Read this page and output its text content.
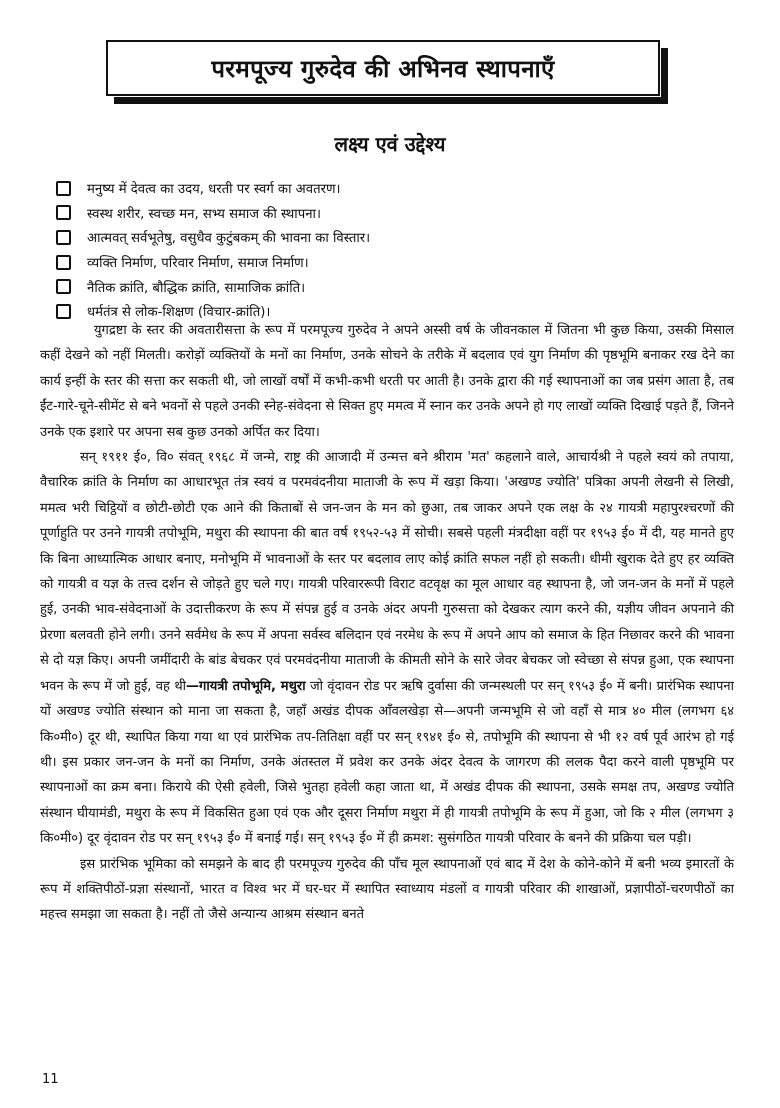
परमपूज्य गुरुदेव की अभिनव स्थापनाएँ
लक्ष्य एवं उद्देश्य
मनुष्य में देवत्व का उदय, धरती पर स्वर्ग का अवतरण।
स्वस्थ शरीर, स्वच्छ मन, सभ्य समाज की स्थापना।
आत्मवत् सर्वभूतेषु, वसुधैव कुटुंबकम् की भावना का विस्तार।
व्यक्ति निर्माण, परिवार निर्माण, समाज निर्माण।
नैतिक क्रांति, बौद्धिक क्रांति, सामाजिक क्रांति।
धर्मतंत्र से लोक-शिक्षण (विचार-क्रांति)।

युगद्रष्टा के स्तर की अवतारीसत्ता के रूप में परमपूज्य गुरुदेव ने अपने अस्सी वर्ष के जीवनकाल में जितना भी कुछ किया, उसकी मिसाल कहीं देखने को नहीं मिलती। करोड़ों व्यक्तियों के मनों का निर्माण, उनके सोचने के तरीके में बदलाव एवं युग निर्माण की पृष्ठभूमि बनाकर रख देने का कार्य इन्हीं के स्तर की सत्ता कर सकती थी, जो लाखों वर्षों में कभी-कभी धरती पर आती है। उनके द्वारा की गई स्थापनाओं का जब प्रसंग आता है, तब ईंट-गारे-चूने-सीमेंट से बने भवनों से पहले उनकी स्नेह-संवेदना से सिक्त हुए ममत्व में स्नान कर उनके अपने हो गए लाखों व्यक्ति दिखाई पड़ते हैं, जिनने उनके एक इशारे पर अपना सब कुछ उनको अर्पित कर दिया।

सन् १९११ ई०, वि० संवत् १९६८ में जन्मे, राष्ट्र की आजादी में उन्मत्त बने श्रीराम 'मत' कहलाने वाले, आचार्यश्री ने पहले स्वयं को तपाया, वैचारिक क्रांति के निर्माण का आधारभूत तंत्र स्वयं व परमवंदनीया माताजी के रूप में खड़ा किया। 'अखण्ड ज्योति' पत्रिका अपनी लेखनी से लिखी, ममत्व भरी चिट्ठियों व छोटी-छोटी एक आने की किताबों से जन-जन के मन को छुआ, तब जाकर अपने एक लक्ष के २४ गायत्री महापुरश्चरणों की पूर्णाहुति पर उनने गायत्री तपोभूमि, मथुरा की स्थापना की बात वर्ष १९५२-५३ में सोची। सबसे पहली मंत्रदीक्षा वहीं पर १९५३ ई० में दी, यह मानते हुए कि बिना आध्यात्मिक आधार बनाए, मनोभूमि में भावनाओं के स्तर पर बदलाव लाए कोई क्रांति सफल नहीं हो सकती। धीमी खुराक देते हुए हर व्यक्ति को गायत्री व यज्ञ के तत्त्व दर्शन से जोड़ते हुए चले गए। गायत्री परिवाररूपी विराट वटवृक्ष का मूल आधार वह स्थापना है, जो जन-जन के मनों में पहले हुई, उनकी भाव-संवेदनाओं के उदात्तीकरण के रूप में संपन्न हुई व उनके अंदर अपनी गुरुसत्ता को देखकर त्याग करने की, यज्ञीय जीवन अपनाने की प्रेरणा बलवती होने लगी। उनने सर्वमेध के रूप में अपना सर्वस्व बलिदान एवं नरमेध के रूप में अपने आप को समाज के हित निछावर करने की भावना से दो यज्ञ किए। अपनी जमींदारी के बांड बेचकर एवं परमवंदनीया माताजी के कीमती सोने के सारे जेवर बेचकर जो स्वेच्छा से संपन्न हुआ, एक स्थापना भवन के रूप में जो हुई, वह थी—गायत्री तपोभूमि, मथुरा जो वृंदावन रोड पर ऋषि दुर्वासा की जन्मस्थली पर सन् १९५३ ई० में बनी। प्रारंभिक स्थापना यों अखण्ड ज्योति संस्थान को माना जा सकता है, जहाँ अखंड दीपक आँवलखेड़ा से—अपनी जन्मभूमि से जो वहाँ से मात्र ४० मील (लगभग ६४ कि०मी०) दूर थी, स्थापित किया गया था एवं प्रारंभिक तप-तितिक्षा वहीं पर सन् १९४१ ई० से, तपोभूमि की स्थापना से भी १२ वर्ष पूर्व आरंभ हो गई थी। इस प्रकार जन-जन के मनों का निर्माण, उनके अंतस्तल में प्रवेश कर उनके अंदर देवत्व के जागरण की ललक पैदा करने वाली पृष्ठभूमि पर स्थापनाओं का क्रम बना। किराये की ऐसी हवेली, जिसे भुतहा हवेली कहा जाता था, में अखंड दीपक की स्थापना, उसके समक्ष तप, अखण्ड ज्योति संस्थान घीयामंडी, मथुरा के रूप में विकसित हुआ एवं एक और दूसरा निर्माण मथुरा में ही गायत्री तपोभूमि के रूप में हुआ, जो कि २ मील (लगभग ३ कि०मी०) दूर वृंदावन रोड पर सन् १९५३ ई० में बनाई गई। सन् १९५३ ई० में ही क्रमश: सुसंगठित गायत्री परिवार के बनने की प्रक्रिया चल पड़ी।

इस प्रारंभिक भूमिका को समझने के बाद ही परमपूज्य गुरुदेव की पाँच मूल स्थापनाओं एवं बाद में देश के कोने-कोने में बनी भव्य इमारतों के रूप में शक्तिपीठों-प्रज्ञा संस्थानों, भारत व विश्व भर में घर-घर में स्थापित स्वाध्याय मंडलों व गायत्री परिवार की शाखाओं, प्रज्ञापीठों-चरणपीठों का महत्त्व समझा जा सकता है। नहीं तो जैसे अन्यान्य आश्रम संस्थान बनते

11
